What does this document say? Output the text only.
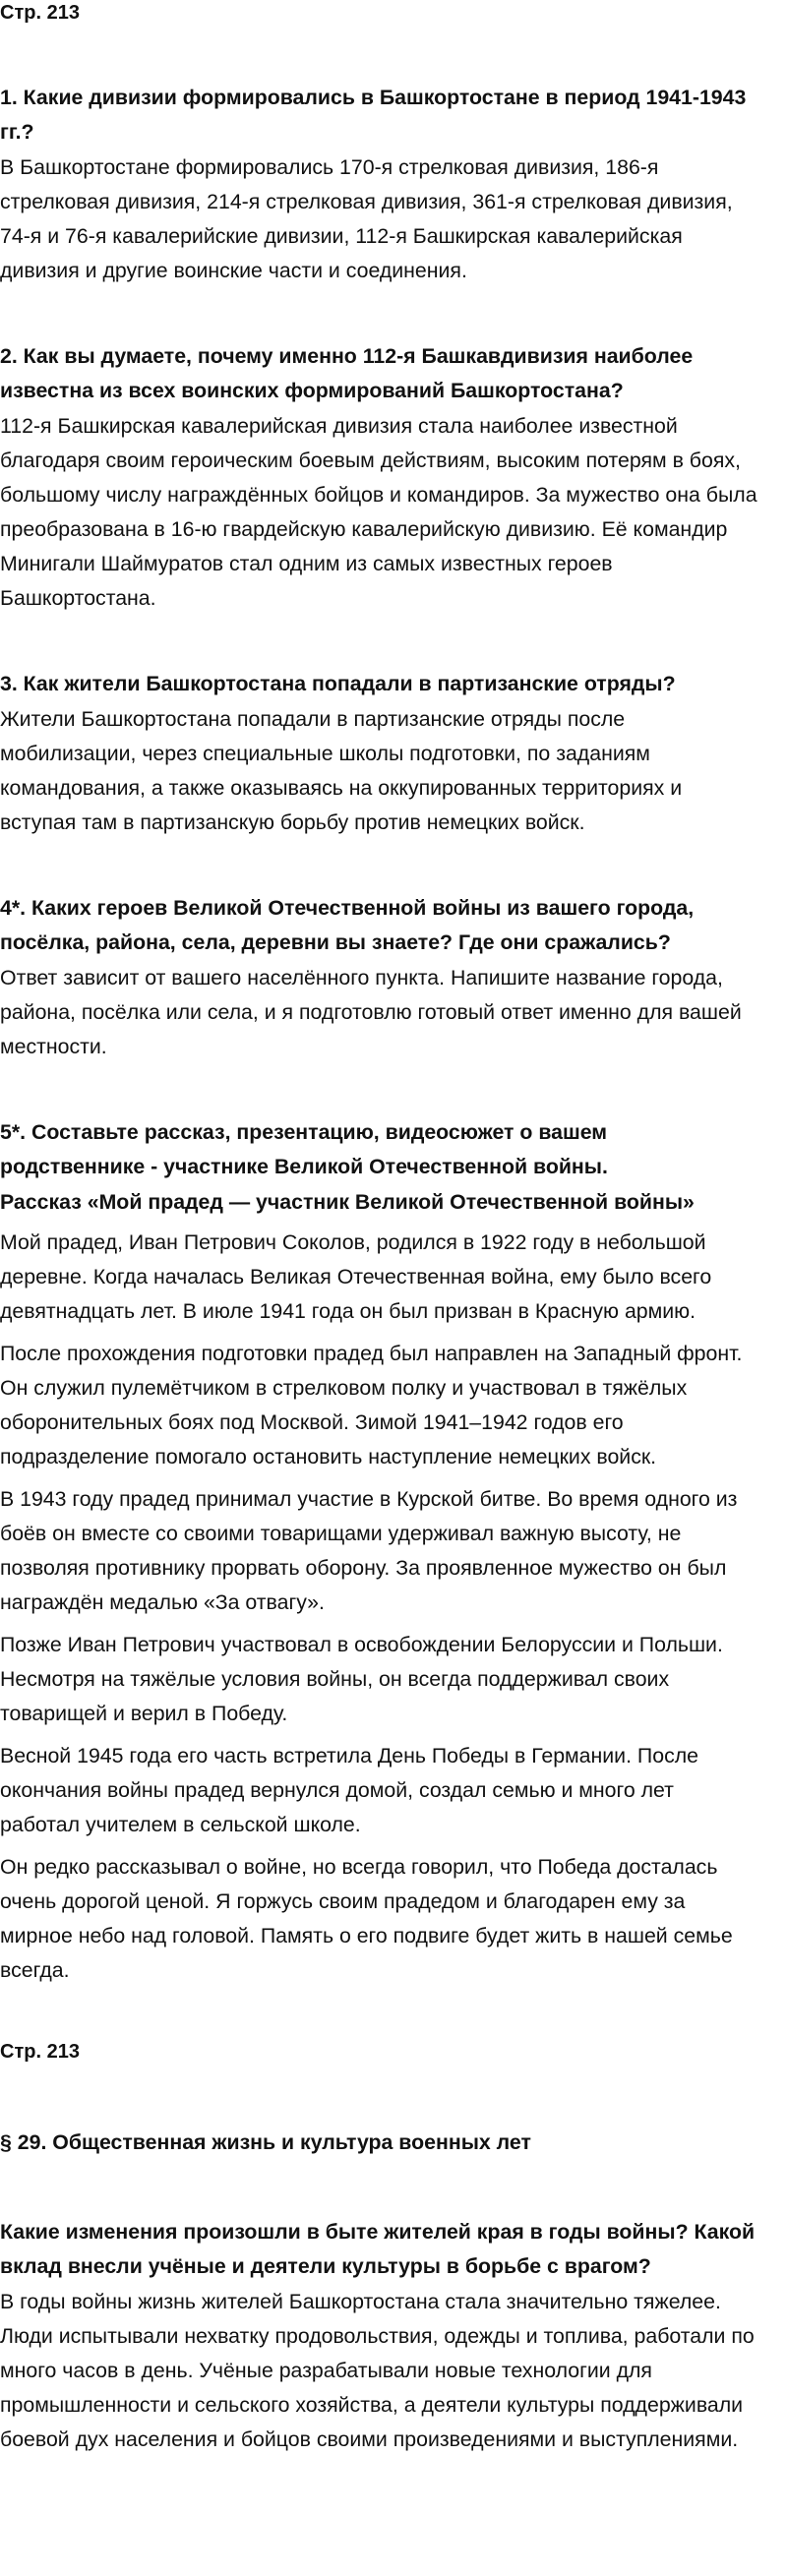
Стр. 213

1. Какие дивизии формировались в Башкортостане в период 1941-1943 гг.?

В Башкортостане формировались 170-я стрелковая дивизия, 186-я стрелковая дивизия, 214-я стрелковая дивизия, 361-я стрелковая дивизия, 74-я и 76-я кавалерийские дивизии, 112-я Башкирская кавалерийская дивизия и другие воинские части и соединения.

2. Как вы думаете, почему именно 112-я Башкавдивизия наиболее известна из всех воинских формирований Башкортостана?

112-я Башкирская кавалерийская дивизия стала наиболее известной благодаря своим героическим боевым действиям, высоким потерям в боях, большому числу награждённых бойцов и командиров. За мужество она была преобразована в 16-ю гвардейскую кавалерийскую дивизию. Её командир Минигали Шаймуратов стал одним из самых известных героев Башкортостана.

3. Как жители Башкортостана попадали в партизанские отряды?

Жители Башкортостана попадали в партизанские отряды после мобилизации, через специальные школы подготовки, по заданиям командования, а также оказываясь на оккупированных территориях и вступая там в партизанскую борьбу против немецких войск.

4*. Каких героев Великой Отечественной войны из вашего города, посёлка, района, села, деревни вы знаете? Где они сражались?

Ответ зависит от вашего населённого пункта. Напишите название города, района, посёлка или села, и я подготовлю готовый ответ именно для вашей местности.

5*. Составьте рассказ, презентацию, видеосюжет о вашем родственнике - участнике Великой Отечественной войны.

Рассказ «Мой прадед — участник Великой Отечественной войны»

Мой прадед, Иван Петрович Соколов, родился в 1922 году в небольшой деревне. Когда началась Великая Отечественная война, ему было всего девятнадцать лет. В июле 1941 года он был призван в Красную армию.

После прохождения подготовки прадед был направлен на Западный фронт. Он служил пулемётчиком в стрелковом полку и участвовал в тяжёлых оборонительных боях под Москвой. Зимой 1941–1942 годов его подразделение помогало остановить наступление немецких войск.

В 1943 году прадед принимал участие в Курской битве. Во время одного из боёв он вместе со своими товарищами удерживал важную высоту, не позволяя противнику прорвать оборону. За проявленное мужество он был награждён медалью «За отвагу».

Позже Иван Петрович участвовал в освобождении Белоруссии и Польши. Несмотря на тяжёлые условия войны, он всегда поддерживал своих товарищей и верил в Победу.

Весной 1945 года его часть встретила День Победы в Германии. После окончания войны прадед вернулся домой, создал семью и много лет работал учителем в сельской школе.

Он редко рассказывал о войне, но всегда говорил, что Победа досталась очень дорогой ценой. Я горжусь своим прадедом и благодарен ему за мирное небо над головой. Память о его подвиге будет жить в нашей семье всегда.

Стр. 213

§ 29. Общественная жизнь и культура военных лет

Какие изменения произошли в быте жителей края в годы войны? Какой вклад внесли учёные и деятели культуры в борьбе с врагом?

В годы войны жизнь жителей Башкортостана стала значительно тяжелее. Люди испытывали нехватку продовольствия, одежды и топлива, работали по много часов в день. Учёные разрабатывали новые технологии для промышленности и сельского хозяйства, а деятели культуры поддерживали боевой дух населения и бойцов своими произведениями и выступлениями.
